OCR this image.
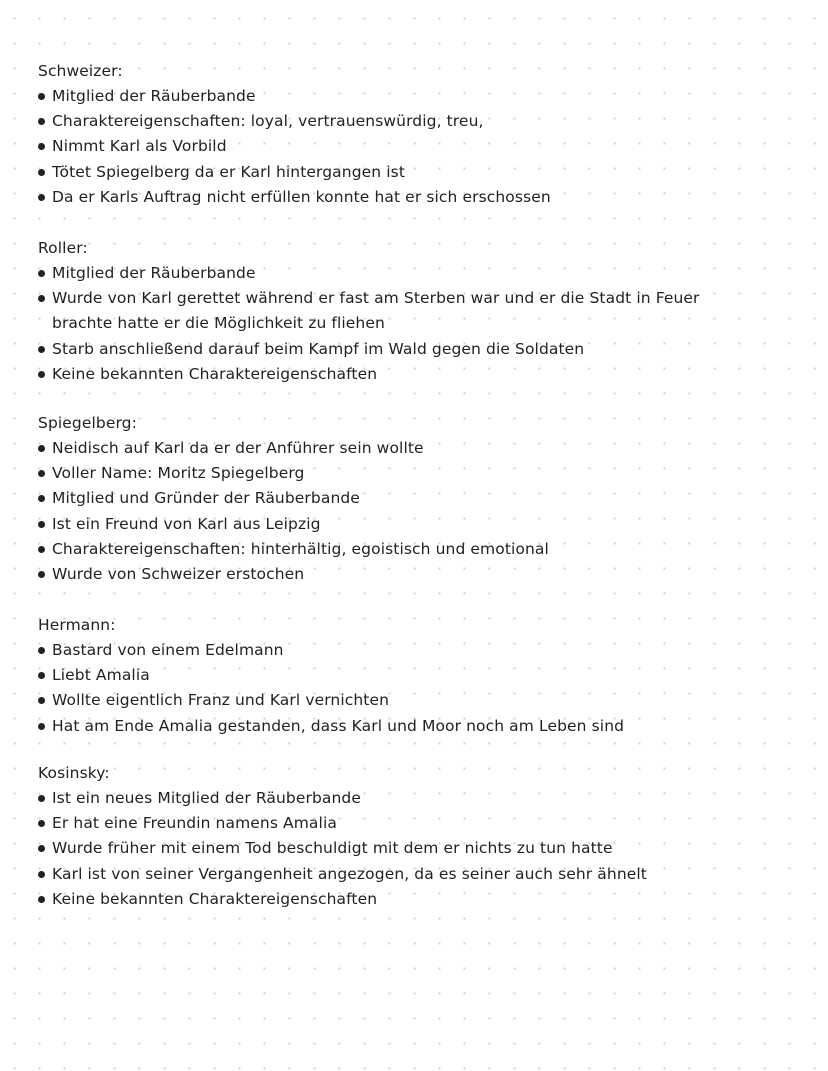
Schweizer:
Mitglied der Räuberbande
Charaktereigenschaften: loyal, vertrauenswürdig, treu,
Nimmt Karl als Vorbild
Tötet Spiegelberg da er Karl hintergangen ist
Da er Karls Auftrag nicht erfüllen konnte hat er sich erschossen
Roller:
Mitglied der Räuberbande
Wurde von Karl gerettet während er fast am Sterben war und er die Stadt in Feuer brachte hatte er die Möglichkeit zu fliehen
Starb anschließend darauf beim Kampf im Wald gegen die Soldaten
Keine bekannten Charaktereigenschaften
Spiegelberg:
Neidisch auf Karl da er der Anführer sein wollte
Voller Name: Moritz Spiegelberg
Mitglied und Gründer der Räuberbande
Ist ein Freund von Karl aus Leipzig
Charaktereigenschaften: hinterhältig, egoistisch und emotional
Wurde von Schweizer erstochen
Hermann:
Bastard von einem Edelmann
Liebt Amalia
Wollte eigentlich Franz und Karl vernichten
Hat am Ende Amalia gestanden, dass Karl und Moor noch am Leben sind
Kosinsky:
Ist ein neues Mitglied der Räuberbande
Er hat eine Freundin namens Amalia
Wurde früher mit einem Tod beschuldigt mit dem er nichts zu tun hatte
Karl ist von seiner Vergangenheit angezogen, da es seiner auch sehr ähnelt
Keine bekannten Charaktereigenschaften
